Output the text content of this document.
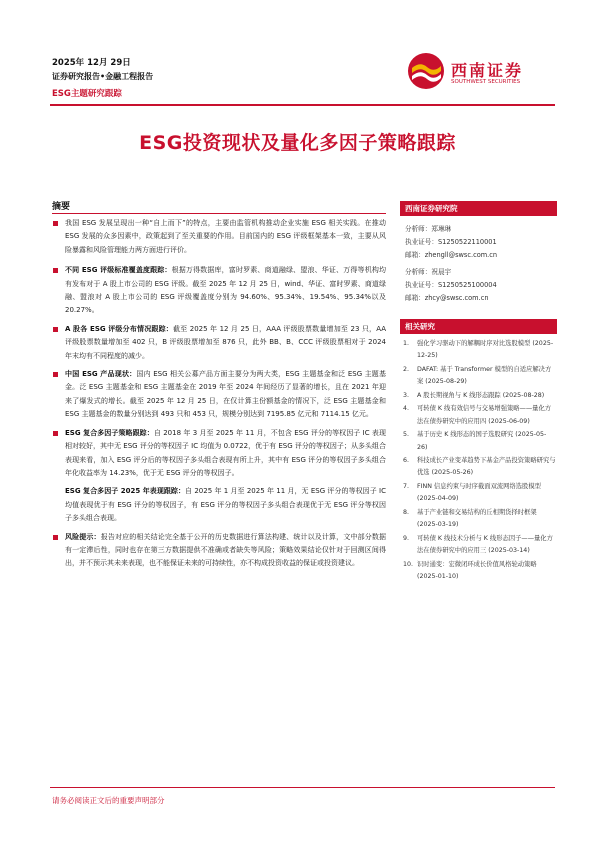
2025年 12月 29日
证券研究报告•金融工程报告
ESG主题研究跟踪
西南证券
SOUTHWEST SECURITIES
ESG投资现状及量化多因子策略跟踪
摘要
我国 ESG 发展呈现出一种“自上而下”的特点，主要由监管机构推动企业实施 ESG 相关实践。在推动 ESG 发展的众多因素中，政策起到了至关重要的作用。目前国内的 ESG 评级框架基本一致，主要从风险暴露和风险管理能力两方面进行评价。
不同 ESG 评级标准覆盖度跟踪：根据万得数据库，富时罗素、商道融绿、盟浪、华证、万得等机构均有发布对于 A 股上市公司的 ESG 评级。截至 2025 年 12 月 25 日，wind、华证、富时罗素、商道绿融、盟浪对 A 股上市公司的 ESG 评级覆盖度分别为 94.60%、95.34%、19.54%、95.34%以及 20.27%。
A 股各 ESG 评级分布情况跟踪：截至 2025 年 12 月 25 日，AAA 评级股票数量增加至 23 只，AA 评级股票数量增加至 402 只，B 评级股票增加至 876 只，此外 BB、B、CCC 评级股票相对于 2024 年末均有不同程度的减少。
中国 ESG 产品现状：国内 ESG 相关公募产品方面主要分为两大类，ESG 主题基金和泛 ESG 主题基金。泛 ESG 主题基金和 ESG 主题基金在 2019 年至 2024 年间经历了显著的增长，且在 2021 年迎来了爆发式的增长。截至 2025 年 12 月 25 日，在仅计算主份额基金的情况下，泛 ESG 主题基金和 ESG 主题基金的数量分别达到 493 只和 453 只，规模分别达到 7195.85 亿元和 7114.15 亿元。
ESG 复合多因子策略跟踪：自 2018 年 3 月至 2025 年 11 月，不包含 ESG 评分的等权因子 IC 表现相对较好，其中无 ESG 评分的等权因子 IC 均值为 0.0722，优于有 ESG 评分的等权因子；从多头组合表现来看，加入 ESG 评分后的等权因子多头组合表现有所上升，其中有 ESG 评分的等权因子多头组合年化收益率为 14.23%，优于无 ESG 评分的等权因子。
ESG 复合多因子 2025 年表现跟踪：自 2025 年 1 月至 2025 年 11 月，无 ESG 评分的等权因子 IC 均值表现优于有 ESG 评分的等权因子，有 ESG 评分的等权因子多头组合表现优于无 ESG 评分等权因子多头组合表现。
风险提示：报告对应的相关结论完全基于公开的历史数据进行算法构建、统计以及计算，文中部分数据有一定滞后性，同时也存在第三方数据提供不准确或者缺失等风险；策略效果结论仅针对于回测区间得出，并不预示其未来表现，也不能保证未来的可持续性，亦不构成投资收益的保证或投资建议。
西南证券研究院
分析师：郑琳琳
执业证号：S1250522110001
邮箱：zhengll@swsc.com.cn
分析师：祝晨宇
执业证号：S1250525100004
邮箱：zhcy@swsc.com.cn
相关研究
1. 强化学习驱动下的解耦时序对比选股模型 (2025-12-25)
2. DAFAT: 基于 Transformer 模型的自适应解决方案 (2025-08-29)
3. A 股长期视角与 K 线形态跟踪 (2025-08-28)
4. 可转债 K 线有效信号与交易增强策略——量化方法在债券研究中的应用四 (2025-06-09)
5. 基于历史 K 线形态的国子选股研究 (2025-05-26)
6. 科技成长产业变革趋势下基金产品投资策略研究与优选 (2025-05-26)
7. FINN 信息约束与时序截面双流网络选股模型 (2025-04-09)
8. 基于产业链和交易结构的丘相期货择时框架 (2025-03-19)
9. 可转债 K 线技术分析与 K 线形态因子——量化方法在债券研究中的应用三 (2025-03-14)
10. 识时通变：宏微闭环成长价值风格轮动策略 (2025-01-10)
请务必阅读正文后的重要声明部分
